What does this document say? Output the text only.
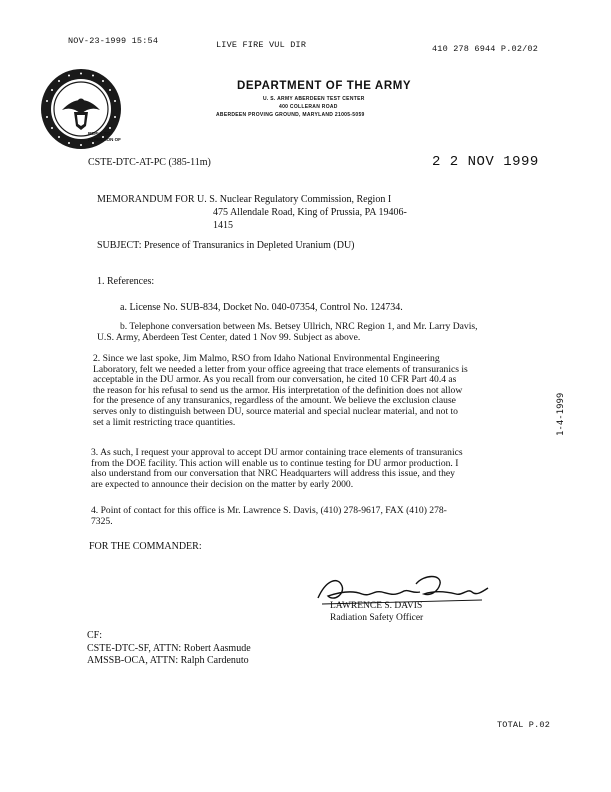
NOV-23-1999 15:54	LIVE FIRE VUL DIR	410 278 6944 P.02/02
DEPARTMENT OF THE ARMY
U. S. ARMY ABERDEEN TEST CENTER
400 COLLERAN ROAD
ABERDEEN PROVING GROUND, MARYLAND 21005-5059
REPLY TO
ATTENTION OF
CSTE-DTC-AT-PC (385-11m)	2 2 NOV 1999
MEMORANDUM FOR U. S. Nuclear Regulatory Commission, Region I
475 Allendale Road, King of Prussia, PA 19406-
1415
SUBJECT: Presence of Transuranics in Depleted Uranium (DU)
1. References:
a. License No. SUB-834, Docket No. 040-07354, Control No. 124734.
b. Telephone conversation between Ms. Betsey Ullrich, NRC Region 1, and Mr. Larry Davis,
U.S. Army, Aberdeen Test Center, dated 1 Nov 99. Subject as above.
2. Since we last spoke, Jim Malmo, RSO from Idaho National Environmental Engineering
Laboratory, felt we needed a letter from your office agreeing that trace elements of transuranics is
acceptable in the DU armor. As you recall from our conversation, he cited 10 CFR Part 40.4 as
the reason for his refusal to send us the armor. His interpretation of the definition does not allow
for the presence of any transuranics, regardless of the amount. We believe the exclusion clause
serves only to distinguish between DU, source material and special nuclear material, and not to
set a limit restricting trace quantities.
3. As such, I request your approval to accept DU armor containing trace elements of transuranics
from the DOE facility. This action will enable us to continue testing for DU armor production. I
also understand from our conversation that NRC Headquarters will address this issue, and they
are expected to announce their decision on the matter by early 2000.
4. Point of contact for this office is Mr. Lawrence S. Davis, (410) 278-9617, FAX (410) 278-
7325.
FOR THE COMMANDER:
LAWRENCE S. DAVIS
Radiation Safety Officer
CF:
CSTE-DTC-SF, ATTN: Robert Aasmude
AMSSB-OCA, ATTN: Ralph Cardenuto
1-4-1999
TOTAL P.02
